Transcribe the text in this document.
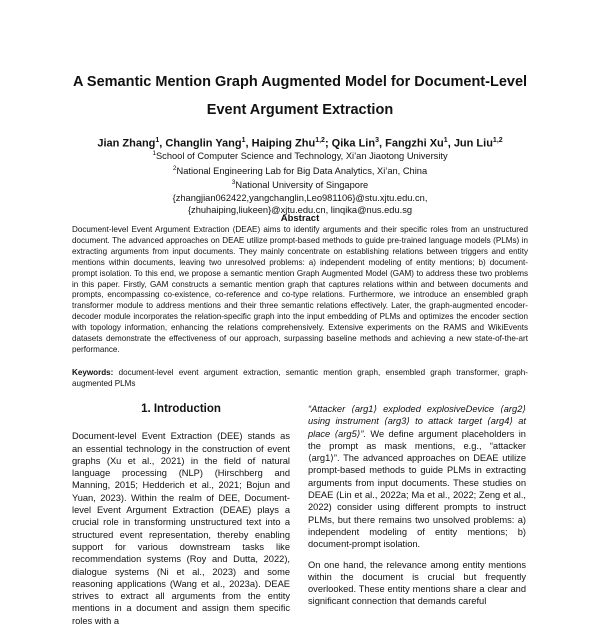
A Semantic Mention Graph Augmented Model for Document-Level
Event Argument Extraction
Jian Zhang$^1$, Changlin Yang$^1$, Haiping Zhu$^{1,2}$; Qika Lin$^3$, Fangzhi Xu$^1$, Jun Liu$^{1,2}$
$^1$School of Computer Science and Technology, Xi’an Jiaotong University
$^2$National Engineering Lab for Big Data Analytics, Xi’an, China
$^3$National University of Singapore
{zhangjian062422,yangchanglin,Leo981106}@stu.xjtu.edu.cn,
{zhuhaiping,liukeen}@xjtu.edu.cn, linqika@nus.edu.sg
Abstract
Document-level Event Argument Extraction (DEAE) aims to identify arguments and their specific roles from an unstructured document. The advanced approaches on DEAE utilize prompt-based methods to guide pre-trained language models (PLMs) in extracting arguments from input documents. They mainly concentrate on establishing relations between triggers and entity mentions within documents, leaving two unresolved problems: a) independent modeling of entity mentions; b) document-prompt isolation. To this end, we propose a semantic mention Graph Augmented Model (GAM) to address these two problems in this paper. Firstly, GAM constructs a semantic mention graph that captures relations within and between documents and prompts, encompassing co-existence, co-reference and co-type relations. Furthermore, we introduce an ensembled graph transformer module to address mentions and their three semantic relations effectively. Later, the graph-augmented encoder-decoder module incorporates the relation-specific graph into the input embedding of PLMs and optimizes the encoder section with topology information, enhancing the relations comprehensively. Extensive experiments on the RAMS and WikiEvents datasets demonstrate the effectiveness of our approach, surpassing baseline methods and achieving a new state-of-the-art performance.
Keywords: document-level event argument extraction, semantic mention graph, ensembled graph transformer, graph-augmented PLMs
1. Introduction

Document-level Event Extraction (DEE) stands as an essential technology in the construction of event graphs (Xu et al., 2021) in the field of natural language processing (NLP) (Hirschberg and Manning, 2015; Hedderich et al., 2021; Bojun and Yuan, 2023). Within the realm of DEE, Document-level Event Argument Extraction (DEAE) plays a crucial role in transforming unstructured text into a structured event representation, thereby enabling support for various downstream tasks like recommendation systems (Roy and Dutta, 2022), dialogue systems (Ni et al., 2023) and some reasoning applications (Wang et al., 2023a). DEAE strives to extract all arguments from the entity mentions in a document and assign them specific roles with a

“Attacker ⟨arg1⟩ exploded explosiveDevice ⟨arg2⟩ using instrument ⟨arg3⟩ to attack target ⟨arg4⟩ at place ⟨arg5⟩”. We define argument placeholders in the prompt as mask mentions, e.g., “attacker ⟨arg1⟩”. The advanced approaches on DEAE utilize prompt-based methods to guide PLMs in extracting arguments from input documents. These studies on DEAE (Lin et al., 2022a; Ma et al., 2022; Zeng et al., 2022) consider using different prompts to instruct PLMs, but there remains two unsolved problems: a) independent modeling of entity mentions; b) document-prompt isolation.

On one hand, the relevance among entity mentions within the document is crucial but frequently overlooked. These entity mentions share a clear and significant connection that demands careful
